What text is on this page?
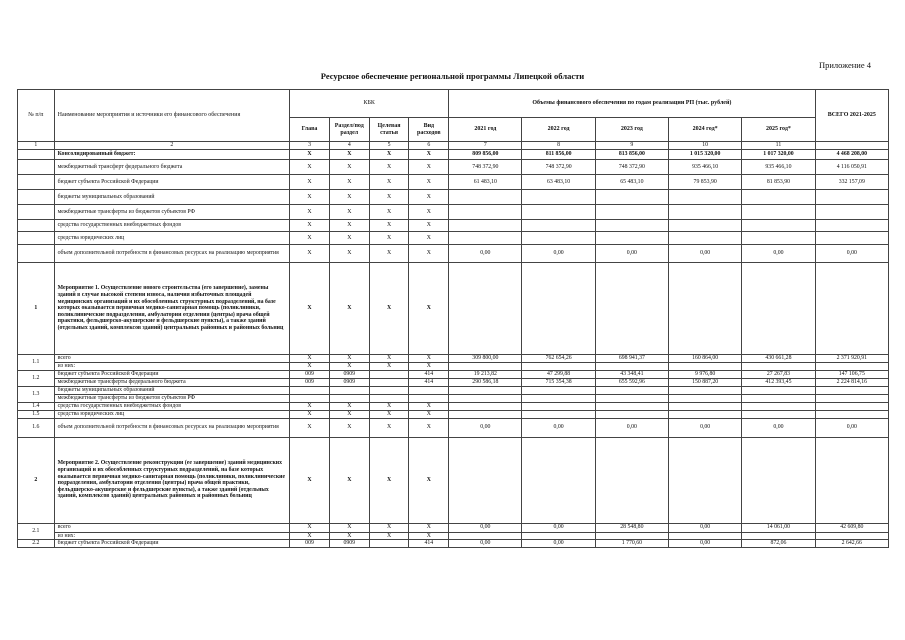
Приложение 4
Ресурсное обеспечение региональной программы Липецкой области
№ п/п	Наименование мероприятия и источники его финансового обеспечения	КБК				Объемы финансового обеспечения по годам реализации РП (тыс. рублей)					ВСЕГО 2021-2025
		Глава	Раздел/под раздел	Целевая статья	Вид расходов	2021 год	2022 год	2023 год	2024 год*	2025 год*	
1	2	3	4	5	6	7	8	9	10	11	
	Консолидированный бюджет:	X	X	X	X	809 856,00	811 856,00	813 856,00	1 015 320,00	1 017 320,00	4 468 208,00
	межбюджетный трансферт федерального бюджета	X	X	X	X	748 372,90	748 372,90	748 372,90	935 466,10	935 466,10	4 116 050,91
	бюджет субъекта Российской Федерации	X	X	X	X	61 483,10	63 483,10	65 483,10	79 853,90	81 853,90	332 157,09
	бюджеты муниципальных образований	X	X	X	X						
	межбюджетные трансферты из бюджетов субъектов РФ	X	X	X	X						
	средства государственных внебюджетных фондов	X	X	X	X						
	средства юридических лиц	X	X	X	X						
	объем дополнительной потребности в финансовых ресурсах на реализацию мероприятия	X	X	X	X	0,00	0,00	0,00	0,00	0,00	0,00
1	Мероприятие 1. Осуществление нового строительства (его завершение), замены зданий в случае высокой степени износа, наличия избыточных площадей медицинских организаций и их обособленных структурных подразделений, на базе которых оказывается первичная медико-санитарная помощь (поликлиники, поликлинические подразделения, амбулатории отделения (центры) врача общей практики, фельдшерско-акушерские и фельдшерские пункты), а также зданий (отдельных зданий, комплексов зданий) центральных районных и районных больниц	X	X	X	X						
1.1	всего	X	X	X	X	309 800,00	762 654,26	698 941,37	160 864,00	430 661,28	2 371 920,91
	из них:	X	X	X	X						
1.2	бюджет субъекта Российской Федерации	009	0909		414	19 213,82	47 299,88	43 348,41	9 976,80	27 267,83	147 106,75
	межбюджетные трансферты федерального бюджета	009	0909		414	290 586,18	715 354,38	655 592,96	150 887,20	412 393,45	2 224 814,16
1.3	бюджеты муниципальных образований										
	межбюджетные трансферты из бюджетов субъектов РФ										
1.4	средства государственных внебюджетных фондов	X	X	X	X						
1.5	средства юридических лиц	X	X	X	X						
1.6	объем дополнительной потребности в финансовых ресурсах на реализацию мероприятия	X	X	X	X	0,00	0,00	0,00	0,00	0,00	0,00
2	Мероприятие 2. Осуществление реконструкции (ее завершение) зданий медицинских организаций и их обособленных структурных подразделений, на базе которых оказывается первичная медико-санитарная помощь (поликлиники, поликлинические подразделения, амбулатории отделения (центры) врача общей практики, фельдшерско-акушерские и фельдшерские пункты), а также зданий (отдельных зданий, комплексов зданий) центральных районных и районных больниц	X	X	X	X						
2.1	всего	X	X	X	X	0,00	0,00	28 548,80	0,00	14 061,00	42 609,80
	из них:	X	X	X	X						
2.2	бюджет субъекта Российской Федерации	009	0909		414	0,00	0,00	1 770,60	0,00	872,06	2 642,66
